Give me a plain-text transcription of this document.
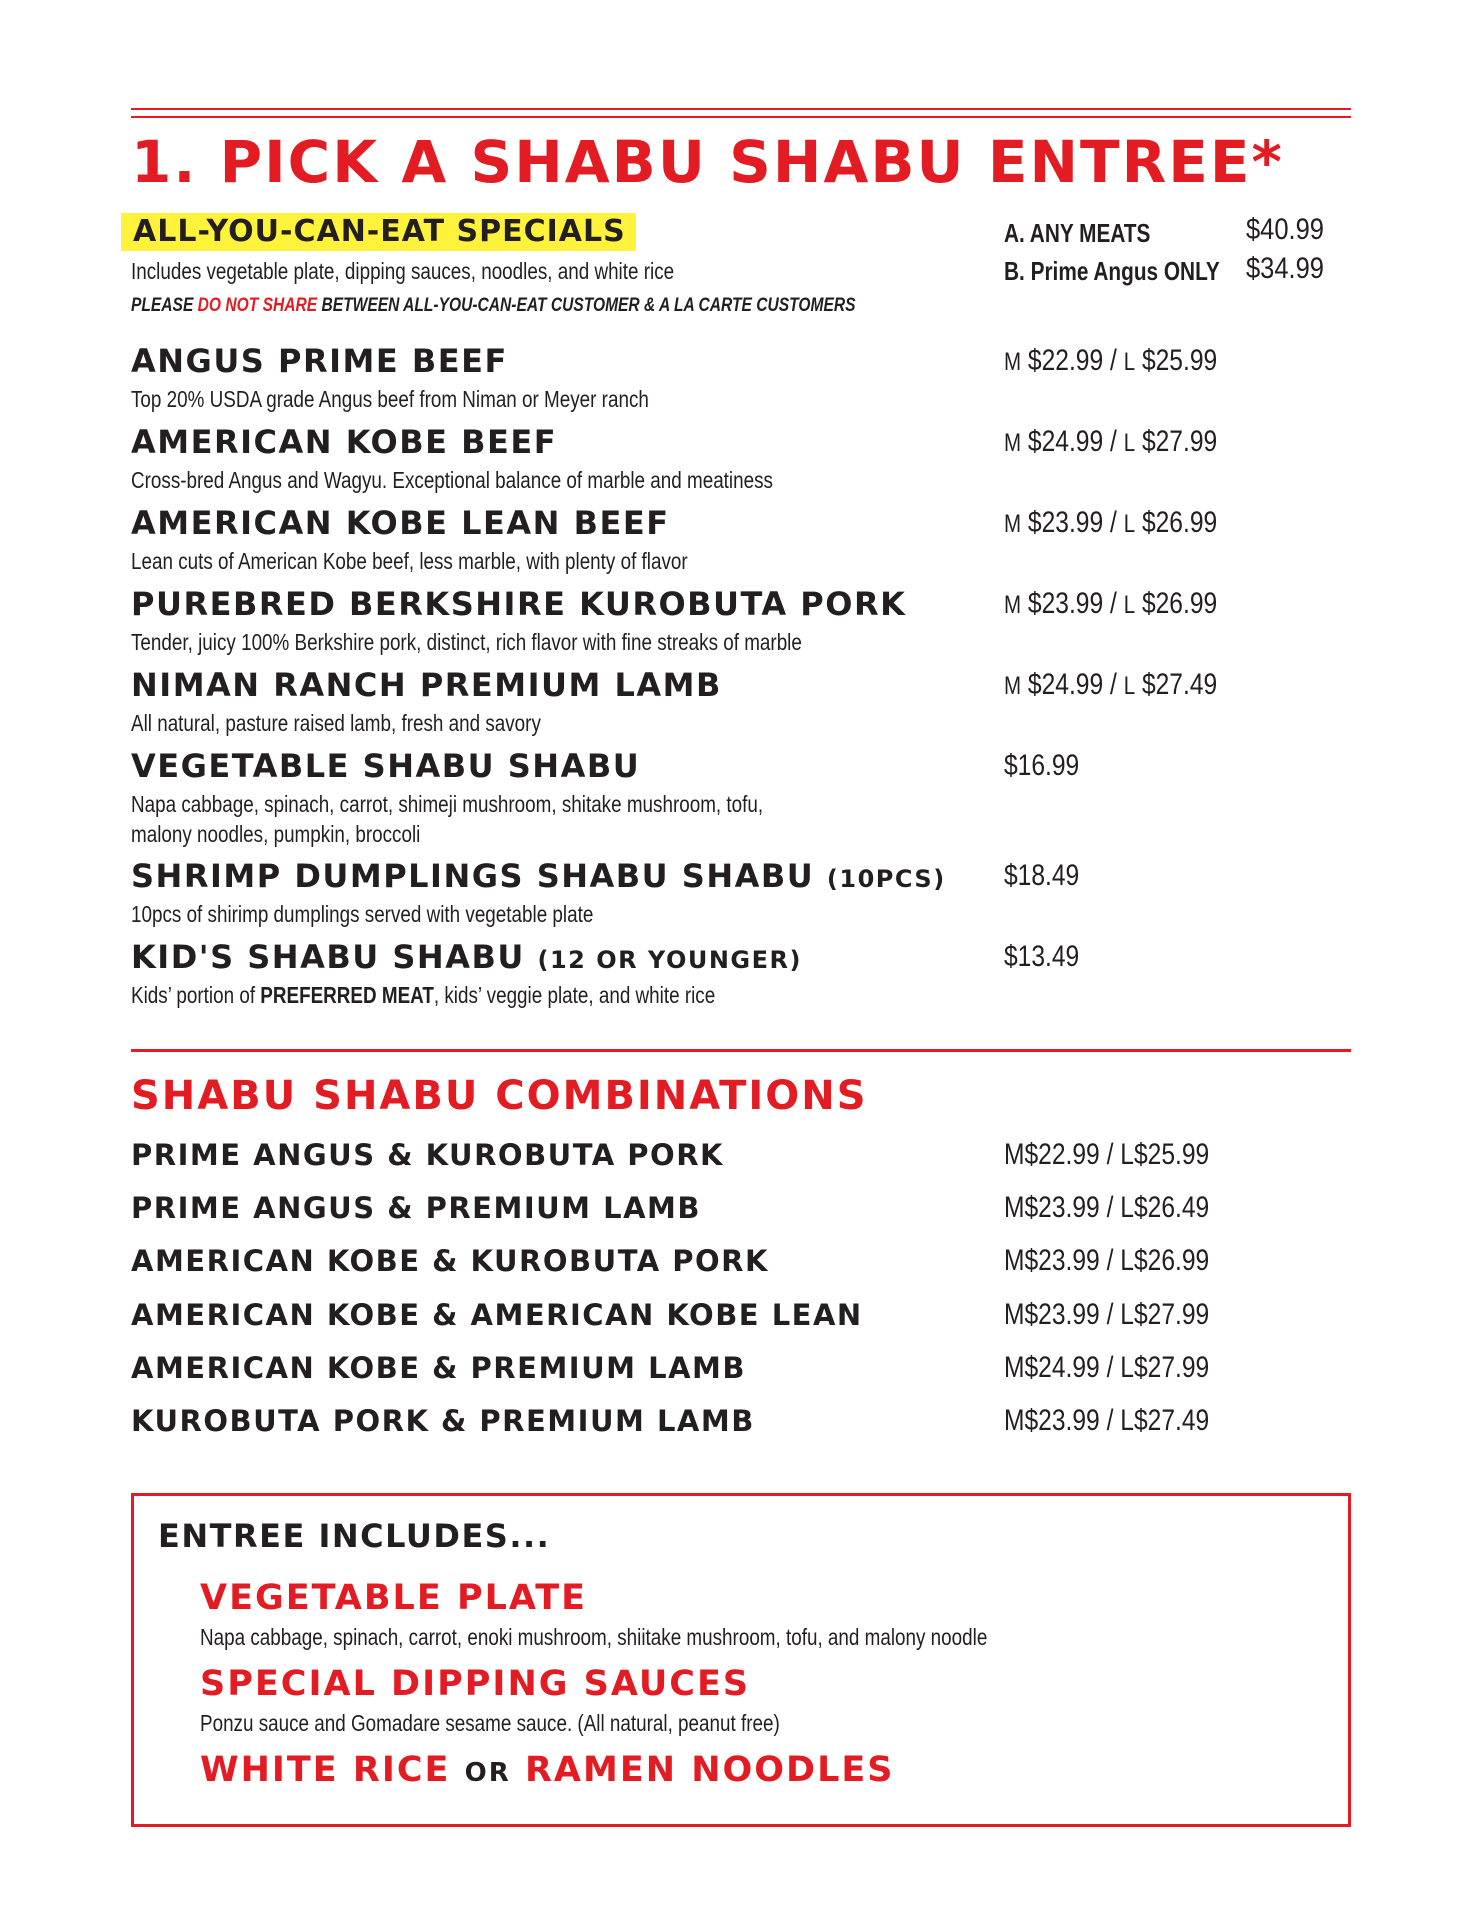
1. PICK A SHABU SHABU ENTREE*
ALL-YOU-CAN-EAT SPECIALS
Includes vegetable plate, dipping sauces, noodles, and white rice
PLEASE DO NOT SHARE BETWEEN ALL-YOU-CAN-EAT CUSTOMER & A LA CARTE CUSTOMERS
A. ANY MEATS	$40.99
B. Prime Angus ONLY $34.99
ANGUS PRIME BEEF
Top 20% USDA grade Angus beef from Niman or Meyer ranch
M $22.99 / L $25.99
AMERICAN KOBE BEEF
Cross-bred Angus and Wagyu. Exceptional balance of marble and meatiness
M $24.99 / L $27.99
AMERICAN KOBE LEAN BEEF
Lean cuts of American Kobe beef, less marble, with plenty of flavor
M $23.99 / L $26.99
PUREBRED BERKSHIRE KUROBUTA PORK
Tender, juicy 100% Berkshire pork, distinct, rich flavor with fine streaks of marble
M $23.99 / L $26.99
NIMAN RANCH PREMIUM LAMB
All natural, pasture raised lamb, fresh and savory
M $24.99 / L $27.49
VEGETABLE SHABU SHABU
Napa cabbage, spinach, carrot, shimeji mushroom, shitake mushroom, tofu,
malony noodles, pumpkin, broccoli
$16.99
SHRIMP DUMPLINGS SHABU SHABU (10PCS)
10pcs of shirimp dumplings served with vegetable plate
$18.49
KID'S SHABU SHABU (12 OR YOUNGER)
Kids’ portion of PREFERRED MEAT, kids’ veggie plate, and white rice
$13.49
SHABU SHABU COMBINATIONS
PRIME ANGUS & KUROBUTA PORK	M$22.99 / L$25.99
PRIME ANGUS & PREMIUM LAMB	M$23.99 / L$26.49
AMERICAN KOBE & KUROBUTA PORK	M$23.99 / L$26.99
AMERICAN KOBE & AMERICAN KOBE LEAN	M$23.99 / L$27.99
AMERICAN KOBE & PREMIUM LAMB	M$24.99 / L$27.99
KUROBUTA PORK & PREMIUM LAMB	M$23.99 / L$27.49
ENTREE INCLUDES...
VEGETABLE PLATE
Napa cabbage, spinach, carrot, enoki mushroom, shiitake mushroom, tofu, and malony noodle
SPECIAL DIPPING SAUCES
Ponzu sauce and Gomadare sesame sauce. (All natural, peanut free)
WHITE RICE OR RAMEN NOODLES
